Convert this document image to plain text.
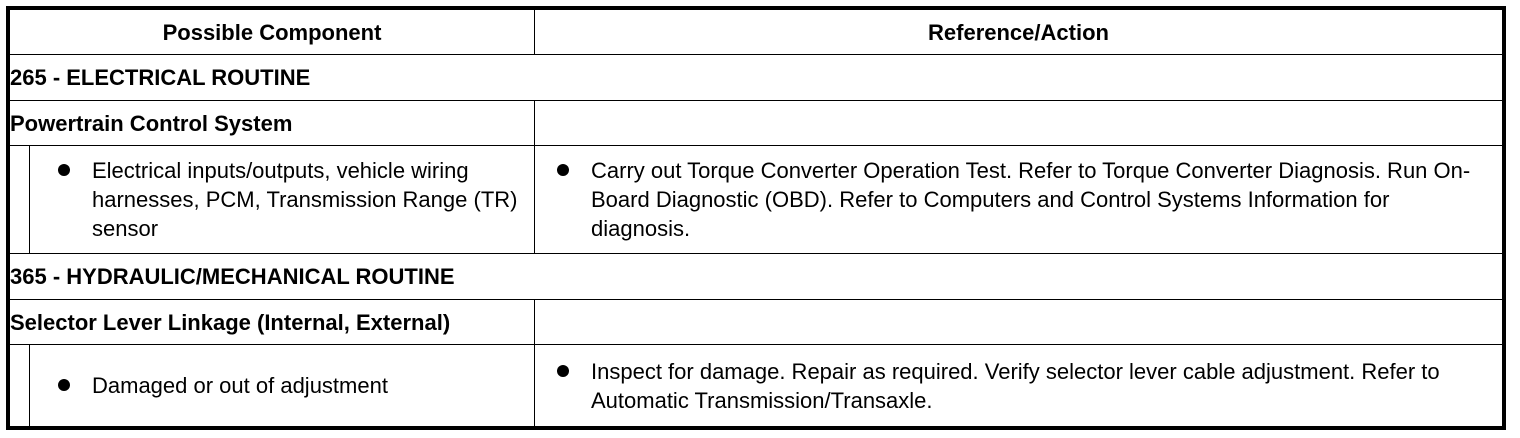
Possible Component	Reference/Action
265 - ELECTRICAL ROUTINE	
Powertrain Control System	

Electrical inputs/outputs, vehicle wiring harnesses, PCM, Transmission Range (TR) sensor	Carry out Torque Converter Operation Test. Refer to Torque Converter Diagnosis. Run On-Board Diagnostic (OBD). Refer to Computers and Control Systems Information for diagnosis.

365 - HYDRAULIC/MECHANICAL ROUTINE	
Selector Lever Linkage (Internal, External)	

Damaged or out of adjustment	Inspect for damage. Repair as required. Verify selector lever cable adjustment. Refer to Automatic Transmission/Transaxle.
